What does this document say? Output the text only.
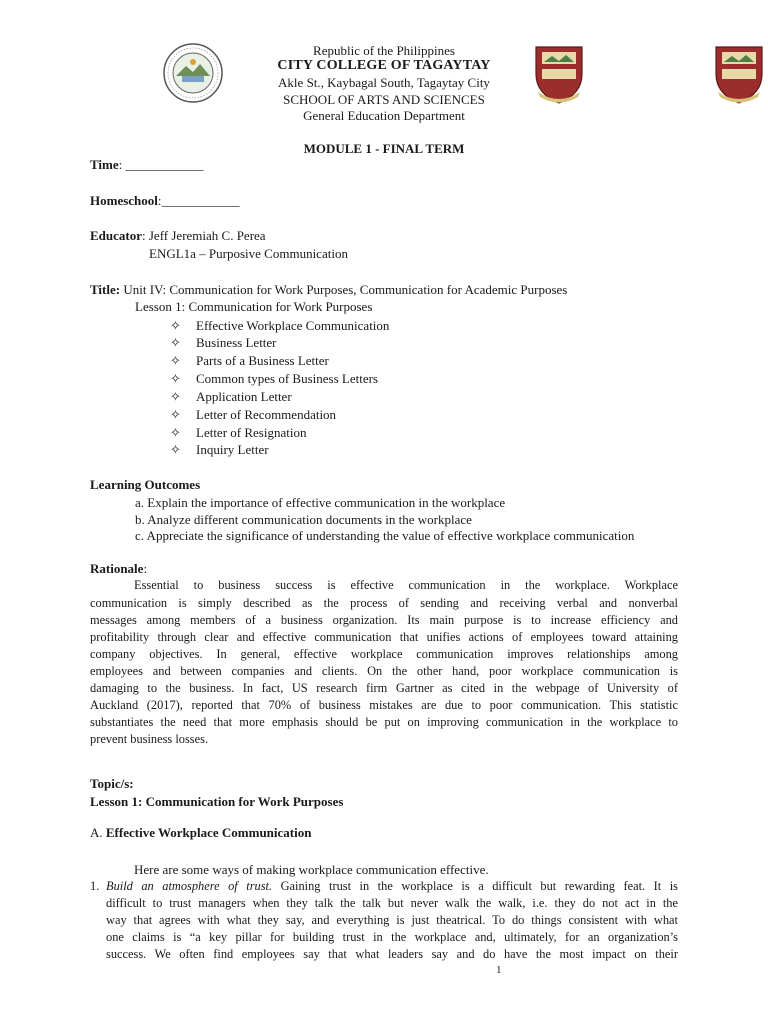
Republic of the Philippines
CITY COLLEGE OF TAGAYTAY
Akle St., Kaybagal South, Tagaytay City
SCHOOL OF ARTS AND SCIENCES
General Education Department
MODULE 1 - FINAL TERM
Time: ____________
Homeschool:____________
Educator: Jeff Jeremiah C. Perea
ENGL1a – Purposive Communication
Title: Unit IV: Communication for Work Purposes, Communication for Academic Purposes
Lesson 1: Communication for Work Purposes
✧ Effective Workplace Communication
✧ Business Letter
✧ Parts of a Business Letter
✧ Common types of Business Letters
✧ Application Letter
✧ Letter of Recommendation
✧ Letter of Resignation
✧ Inquiry Letter
Learning Outcomes
a. Explain the importance of effective communication in the workplace
b. Analyze different communication documents in the workplace
c. Appreciate the significance of understanding the value of effective workplace communication
Rationale:
Essential to business success is effective communication in the workplace. Workplace
communication is simply described as the process of sending and receiving verbal and nonverbal
messages among members of a business organization. Its main purpose is to increase efficiency and
profitability through clear and effective communication that unifies actions of employees toward attaining
company objectives. In general, effective workplace communication improves relationships among
employees and between companies and clients. On the other hand, poor workplace communication is
damaging to the business. In fact, US research firm Gartner as cited in the webpage of University of
Auckland (2017), reported that 70% of business mistakes are due to poor communication. This statistic
substantiates the need that more emphasis should be put on improving communication in the workplace to
prevent business losses.
Topic/s:
Lesson 1: Communication for Work Purposes
A. Effective Workplace Communication
Here are some ways of making workplace communication effective.
1. Build an atmosphere of trust. Gaining trust in the workplace is a difficult but rewarding feat. It is
difficult to trust managers when they talk the talk but never walk the walk, i.e. they do not act in the
way that agrees with what they say, and everything is just theatrical. To do things consistent with what
one claims is “a key pillar for building trust in the workplace and, ultimately, for an organization’s
success. We often find employees say that what leaders say and do have the most impact on their
1
